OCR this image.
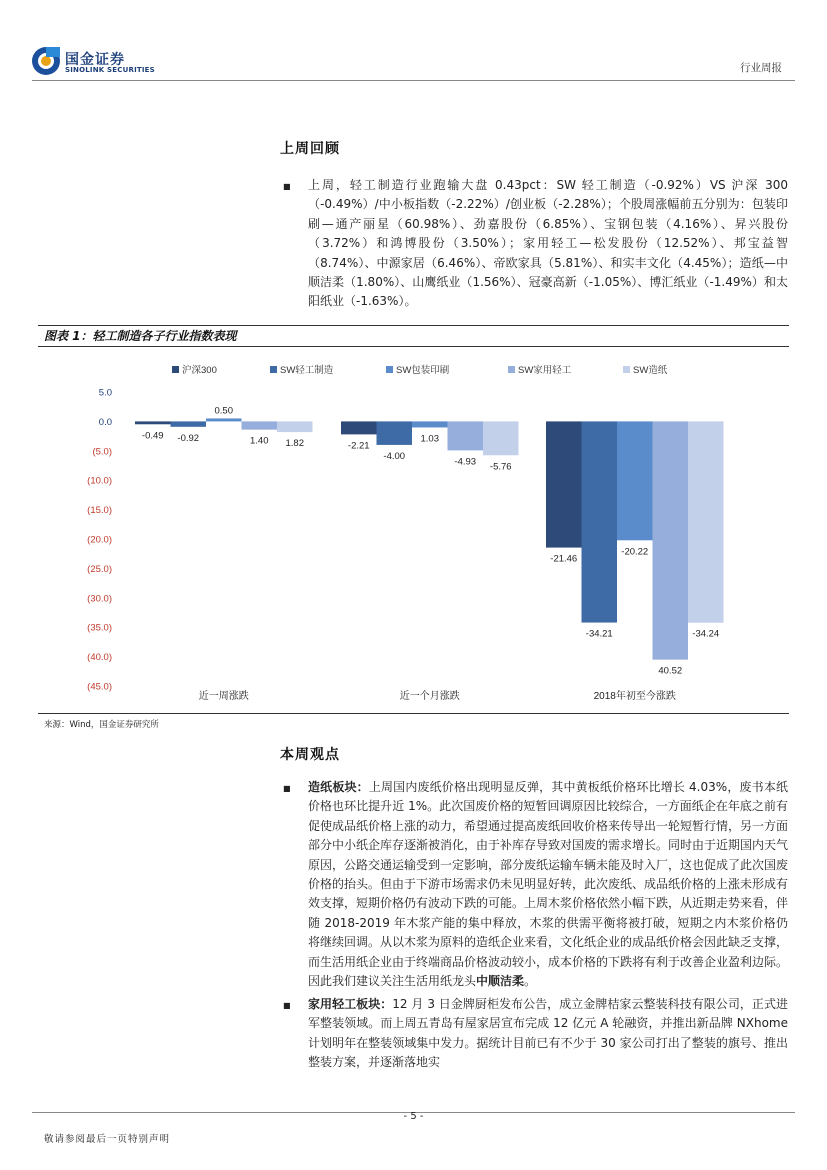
国金证券
SINOLINK SECURITIES	行业周报
上周回顾
■ 上周，轻工制造行业跑输大盘 0.43pct：SW 轻工制造（-0.92%）VS 沪深 300（-0.49%）/中小板指数（-2.22%）/创业板（-2.28%）；个股周涨幅前五分别为：包装印刷—通产丽星（60.98%）、劲嘉股份（6.85%）、宝钢包装（4.16%）、昇兴股份（3.72%）和鸿博股份（3.50%）；家用轻工—松发股份（12.52%）、邦宝益智（8.74%）、中源家居（6.46%）、帝欧家具（5.81%）、和实丰文化（4.45%）；造纸—中顺洁柔（1.80%）、山鹰纸业（1.56%）、冠豪高新（-1.05%）、博汇纸业（-1.49%）和太阳纸业（-1.63%）。

图表 1：轻工制造各子行业指数表现
沪深300	SW轻工制造	SW包装印刷	SW家用轻工	SW造纸
5.0
0.0
(5.0)
(10.0)
(15.0)
(20.0)
(25.0)
(30.0)
(35.0)
(40.0)
(45.0)
-0.49
-2.21
-21.46
-0.92
-4.00
-34.21
0.50
1.03
-20.22
1.40
-4.93
40.52
1.82
-5.76
-34.24
近一周涨跌	近一个月涨跌	2018年初至今涨跌
来源：Wind，国金证券研究所
本周观点
■ 造纸板块：上周国内废纸价格出现明显反弹，其中黄板纸价格环比增长 4.03%，废书本纸价格也环比提升近 1%。此次国废价格的短暂回调原因比较综合，一方面纸企在年底之前有促使成品纸价格上涨的动力，希望通过提高废纸回收价格来传导出一轮短暂行情，另一方面部分中小纸企库存逐渐被消化，由于补库存导致对国废的需求增长。同时由于近期国内天气原因，公路交通运输受到一定影响，部分废纸运输车辆未能及时入厂，这也促成了此次国废价格的抬头。但由于下游市场需求仍未见明显好转，此次废纸、成品纸价格的上涨未形成有效支撑，短期价格仍有波动下跌的可能。上周木浆价格依然小幅下跌，从近期走势来看，伴随 2018-2019 年木浆产能的集中释放，木浆的供需平衡将被打破，短期之内木浆价格仍将继续回调。从以木浆为原料的造纸企业来看，文化纸企业的成品纸价格会因此缺乏支撑，而生活用纸企业由于终端商品价格波动较小，成本价格的下跌将有利于改善企业盈利边际。因此我们建议关注生活用纸龙头中顺洁柔。

■ 家用轻工板块：12 月 3 日金牌厨柜发布公告，成立金牌桔家云整装科技有限公司，正式进军整装领域。而上周五青岛有屋家居宣布完成 12 亿元 A 轮融资，并推出新品牌 NXhome 计划明年在整装领域集中发力。据统计目前已有不少于 30 家公司打出了整装的旗号、推出整装方案，并逐渐落地实

- 5 -
敬请参阅最后一页特别声明
